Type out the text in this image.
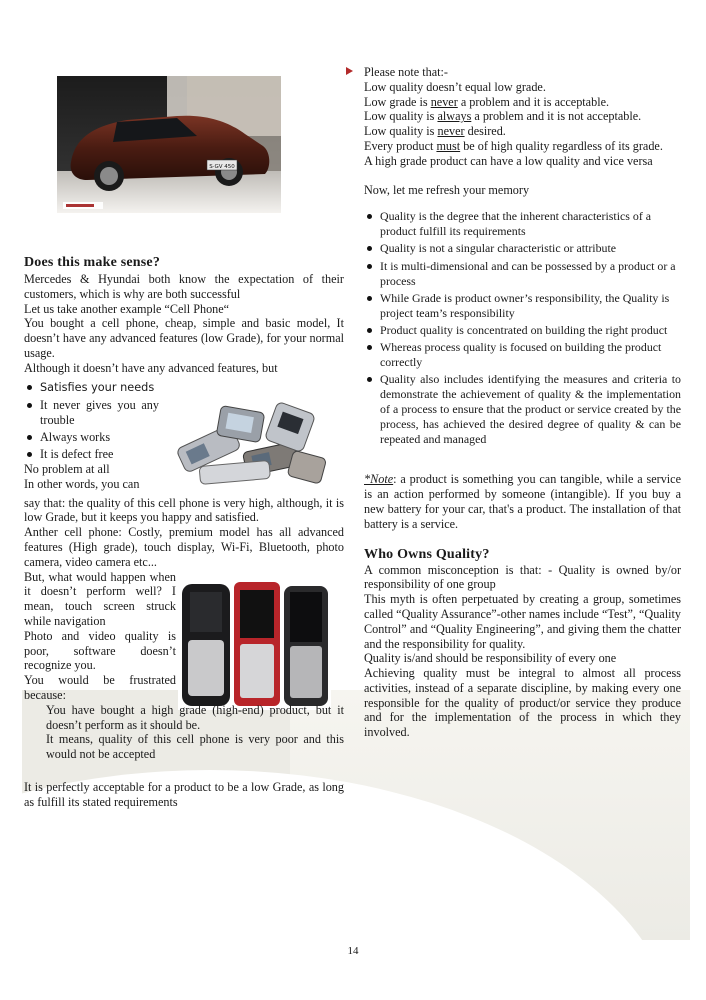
S·GV 450
Does this make sense?

Mercedes & Hyundai both know the expectation of their customers, which is why are both successful

Let us take another example “Cell Phone“

You bought a cell phone, cheap, simple and basic model, It doesn’t have any advanced features (low Grade), for your normal usage.

Although it doesn’t have any advanced features, but

Satisfies your needs
It never gives you any trouble
Always works
It is defect free

No problem at all

In other words, you can

say that: the quality of this cell phone is very high, although, it is low Grade, but it keeps you happy and satisfied.

Anther cell phone: Costly, premium model has all advanced features (High grade), touch display, Wi-Fi, Bluetooth, photo camera, video camera etc...

But, what would happen when it doesn’t perform well? I mean, touch screen struck while navigation

Photo and video quality is poor, software doesn’t recognize you.

You would be frustrated because:

You have bought a high grade (high-end) product, but it doesn’t perform as it should be.

It means, quality of this cell phone is very poor and this would not be accepted

It is perfectly acceptable for a product to be a low Grade, as long as fulfill its stated requirements

Please note that:-

Low quality doesn’t equal low grade.

Low grade is never a problem and it is acceptable.

Low quality is always a problem and it is not acceptable.

Low quality is never desired.

Every product must be of high quality regardless of its grade.

A high grade product can have a low quality and vice versa

Now, let me refresh your memory

Quality is the degree that the inherent characteristics of a product fulfill its requirements
Quality is not a singular characteristic or attribute
It is multi-dimensional and can be possessed by a product or a process
While Grade is product owner’s responsibility, the Quality is project team’s responsibility
Product quality is concentrated on building the right product
Whereas process quality is focused on building the product correctly
Quality also includes identifying the measures and criteria to demonstrate the achievement of quality & the implementation of a process to ensure that the product or service created by the process, has achieved the desired degree of quality & can be repeated and managed

*Note: a product is something you can tangible, while a service is an action performed by someone (intangible). If you buy a new battery for your car, that's a product. The installation of that battery is a service.

Who Owns Quality?

A common misconception is that: - Quality is owned by/or responsibility of one group

This myth is often perpetuated by creating a group, sometimes called “Quality Assurance”-other names include “Test”, “Quality Control” and “Quality Engineering”, and giving them the chatter and the responsibility for quality.

Quality is/and should be responsibility of every one

Achieving quality must be integral to almost all process activities, instead of a separate discipline, by making every one responsible for the quality of product/or service they produce and for the implementation of the process in which they involved.

14
